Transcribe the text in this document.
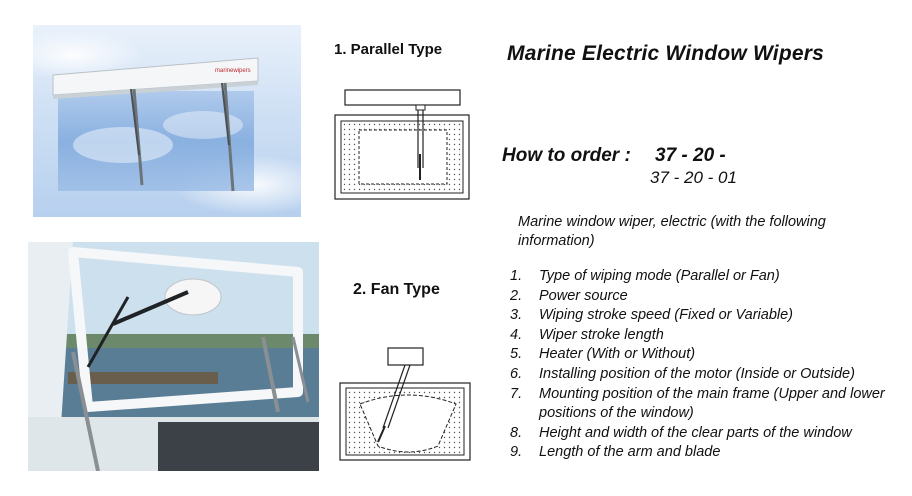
marinewipers
1. Parallel Type
2. Fan Type
Marine Electric Window Wipers
How to order : 37 - 20 -
37 - 20 - 01
Marine window wiper, electric (with the following information)
1.	Type of wiping mode (Parallel or Fan)
2.	Power source
3.	Wiping stroke speed (Fixed or Variable)
4.	Wiper stroke length
5.	Heater (With or Without)
6.	Installing position of the motor (Inside or Outside)
7.	Mounting position of the main frame (Upper and lower positions of the window)
8.	Height and width of the clear parts of the window
9.	Length of the arm and blade
